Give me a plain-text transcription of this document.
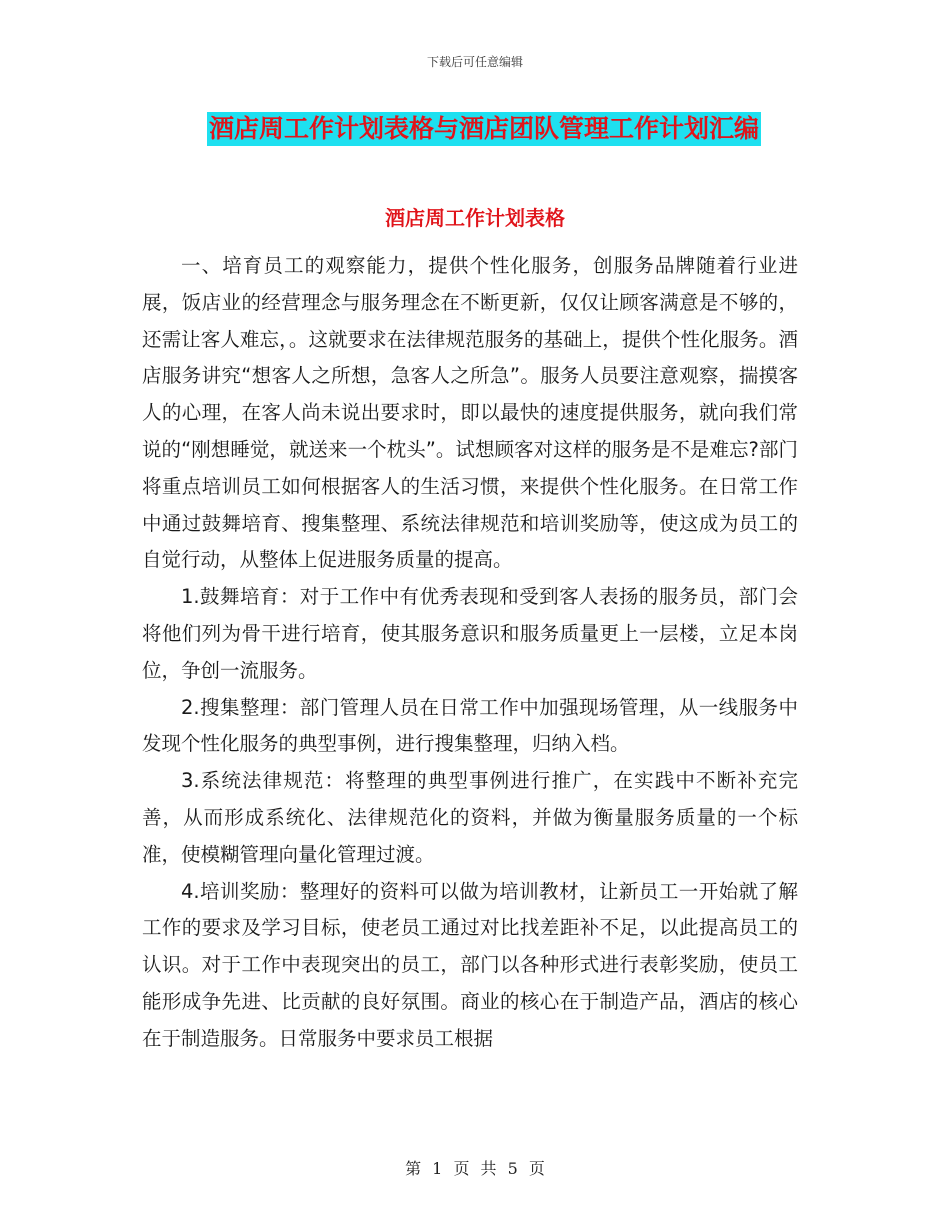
下载后可任意编辑
酒店周工作计划表格与酒店团队管理工作计划汇编
酒店周工作计划表格

一、培育员工的观察能力，提供个性化服务，创服务品牌随着行业进展，饭店业的经营理念与服务理念在不断更新，仅仅让顾客满意是不够的，还需让客人难忘，。这就要求在法律规范服务的基础上，提供个性化服务。酒店服务讲究“想客人之所想，急客人之所急”。服务人员要注意观察，揣摸客人的心理，在客人尚未说出要求时，即以最快的速度提供服务，就向我们常说的“刚想睡觉，就送来一个枕头”。试想顾客对这样的服务是不是难忘?部门将重点培训员工如何根据客人的生活习惯，来提供个性化服务。在日常工作中通过鼓舞培育、搜集整理、系统法律规范和培训奖励等，使这成为员工的自觉行动，从整体上促进服务质量的提高。

1.鼓舞培育：对于工作中有优秀表现和受到客人表扬的服务员，部门会将他们列为骨干进行培育，使其服务意识和服务质量更上一层楼，立足本岗位，争创一流服务。

2.搜集整理：部门管理人员在日常工作中加强现场管理，从一线服务中发现个性化服务的典型事例，进行搜集整理，归纳入档。

3.系统法律规范：将整理的典型事例进行推广，在实践中不断补充完善，从而形成系统化、法律规范化的资料，并做为衡量服务质量的一个标准，使模糊管理向量化管理过渡。

4.培训奖励：整理好的资料可以做为培训教材，让新员工一开始就了解工作的要求及学习目标，使老员工通过对比找差距补不足，以此提高员工的认识。对于工作中表现突出的员工，部门以各种形式进行表彰奖励，使员工能形成争先进、比贡献的良好氛围。商业的核心在于制造产品，酒店的核心在于制造服务。日常服务中要求员工根据

第 1 页 共 5 页
